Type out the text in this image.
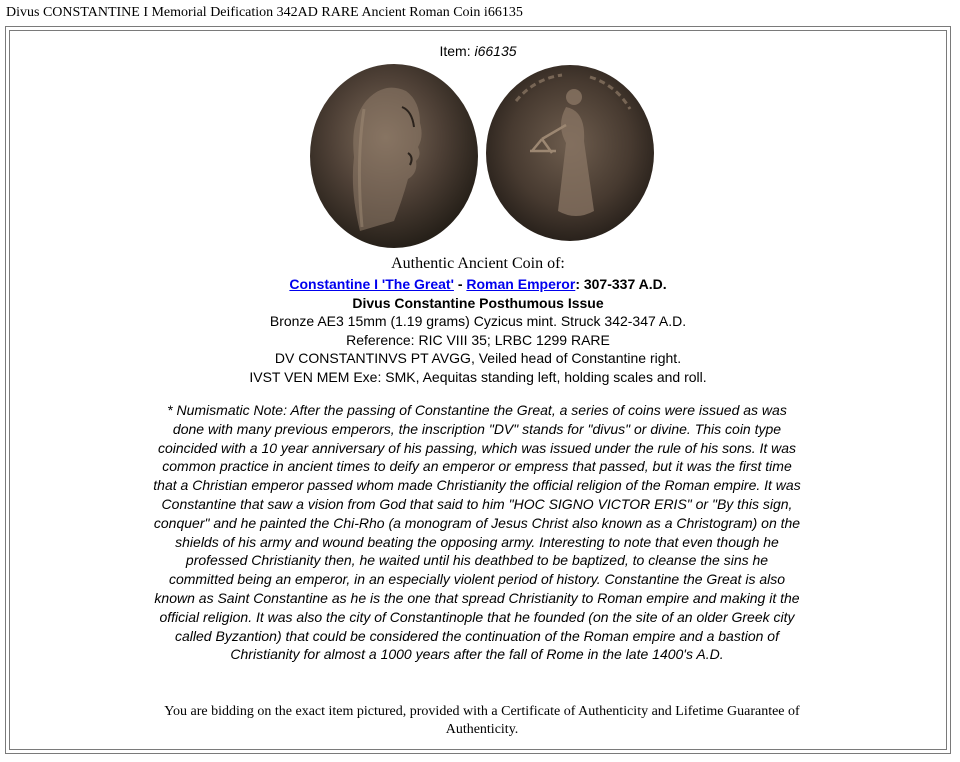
Divus CONSTANTINE I Memorial Deification 342AD RARE Ancient Roman Coin i66135
Item: i66135
Authentic Ancient Coin of:
Constantine I 'The Great' - Roman Emperor: 307-337 A.D.
Divus Constantine Posthumous Issue
Bronze AE3 15mm (1.19 grams) Cyzicus mint. Struck 342-347 A.D.
Reference: RIC VIII 35; LRBC 1299 RARE
DV CONSTANTINVS PT AVGG, Veiled head of Constantine right.
IVST VEN MEM Exe: SMK, Aequitas standing left, holding scales and roll.
* Numismatic Note: After the passing of Constantine the Great, a series of coins were issued as was done with many previous emperors, the inscription "DV" stands for "divus" or divine. This coin type coincided with a 10 year anniversary of his passing, which was issued under the rule of his sons. It was common practice in ancient times to deify an emperor or empress that passed, but it was the first time that a Christian emperor passed whom made Christianity the official religion of the Roman empire. It was Constantine that saw a vision from God that said to him "HOC SIGNO VICTOR ERIS" or "By this sign, conquer" and he painted the Chi-Rho (a monogram of Jesus Christ also known as a Christogram) on the shields of his army and wound beating the opposing army. Interesting to note that even though he professed Christianity then, he waited until his deathbed to be baptized, to cleanse the sins he committed being an emperor, in an especially violent period of history. Constantine the Great is also known as Saint Constantine as he is the one that spread Christianity to Roman empire and making it the official religion. It was also the city of Constantinople that he founded (on the site of an older Greek city called Byzantion) that could be considered the continuation of the Roman empire and a bastion of Christianity for almost a 1000 years after the fall of Rome in the late 1400's A.D.
You are bidding on the exact item pictured, provided with a Certificate of Authenticity and Lifetime Guarantee of Authenticity.
